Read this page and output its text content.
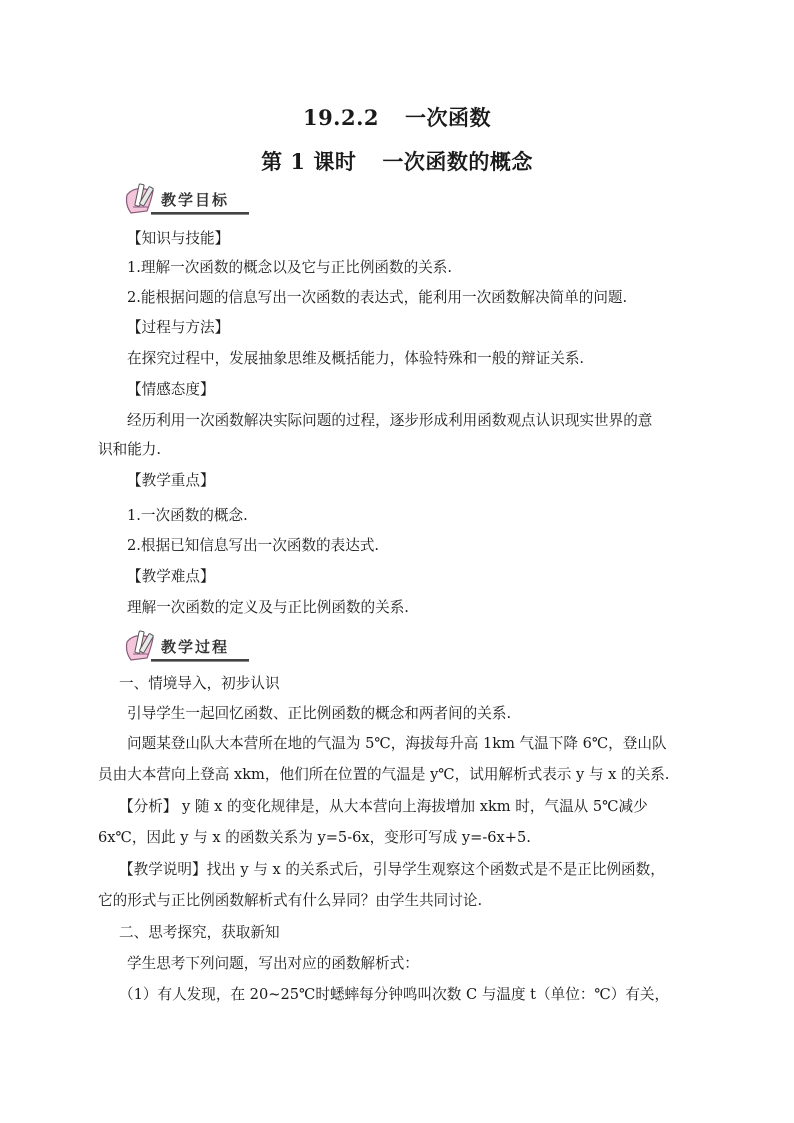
19.2.2 一次函数
第 1 课时 一次函数的概念
教学目标

【知识与技能】

1.理解一次函数的概念以及它与正比例函数的关系.

2.能根据问题的信息写出一次函数的表达式，能利用一次函数解决简单的问题.

【过程与方法】

在探究过程中，发展抽象思维及概括能力，体验特殊和一般的辩证关系.

【情感态度】

经历利用一次函数解决实际问题的过程，逐步形成利用函数观点认识现实世界的意

识和能力.

【教学重点】

1.一次函数的概念.

2.根据已知信息写出一次函数的表达式.

【教学难点】

理解一次函数的定义及与正比例函数的关系.

教学过程

一、情境导入，初步认识

引导学生一起回忆函数、正比例函数的概念和两者间的关系.

问题某登山队大本营所在地的气温为 5℃，海拔每升高 1km 气温下降 6℃，登山队

员由大本营向上登高 xkm，他们所在位置的气温是 y℃，试用解析式表示 y 与 x 的关系.

【分析】 y 随 x 的变化规律是，从大本营向上海拔增加 xkm 时，气温从 5℃减少

6x℃，因此 y 与 x 的函数关系为 y=5-6x，变形可写成 y=-6x+5.

【教学说明】找出 y 与 x 的关系式后，引导学生观察这个函数式是不是正比例函数，

它的形式与正比例函数解析式有什么异同？由学生共同讨论.

二、思考探究，获取新知

学生思考下列问题，写出对应的函数解析式：

（1）有人发现，在 20~25℃时蟋蟀每分钟鸣叫次数 C 与温度 t（单位：℃）有关，
